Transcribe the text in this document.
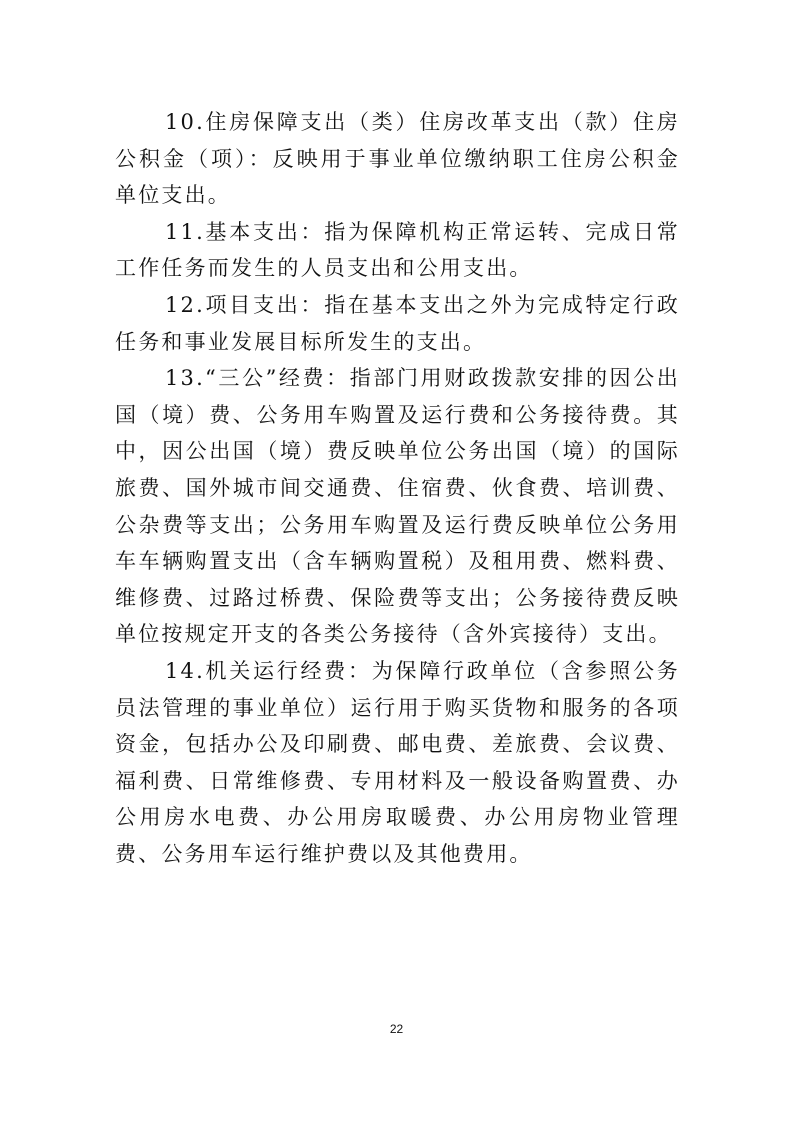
10.住房保障支出（类）住房改革支出（款）住房公积金（项）：反映用于事业单位缴纳职工住房公积金单位支出。

11.基本支出：指为保障机构正常运转、完成日常工作任务而发生的人员支出和公用支出。

12.项目支出：指在基本支出之外为完成特定行政任务和事业发展目标所发生的支出。

13.“三公”经费：指部门用财政拨款安排的因公出国（境）费、公务用车购置及运行费和公务接待费。其中，因公出国（境）费反映单位公务出国（境）的国际旅费、国外城市间交通费、住宿费、伙食费、培训费、公杂费等支出；公务用车购置及运行费反映单位公务用车车辆购置支出（含车辆购置税）及租用费、燃料费、维修费、过路过桥费、保险费等支出；公务接待费反映单位按规定开支的各类公务接待（含外宾接待）支出。

14.机关运行经费：为保障行政单位（含参照公务员法管理的事业单位）运行用于购买货物和服务的各项资金，包括办公及印刷费、邮电费、差旅费、会议费、福利费、日常维修费、专用材料及一般设备购置费、办公用房水电费、办公用房取暖费、办公用房物业管理费、公务用车运行维护费以及其他费用。

22
